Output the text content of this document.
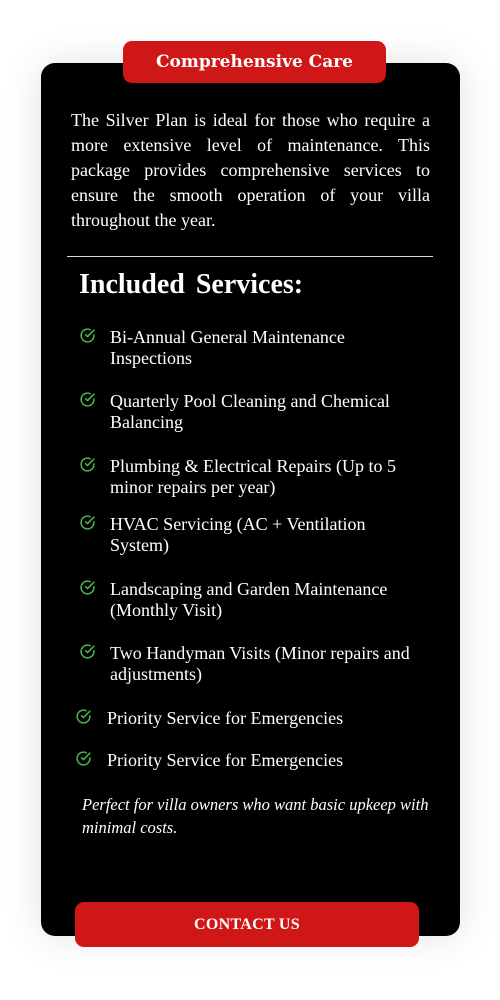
Comprehensive Care

The Silver Plan is ideal for those who require a more extensive level of maintenance. This package provides comprehensive services to ensure the smooth operation of your villa throughout the year.

Included Services:
Bi-Annual General Maintenance Inspections
Quarterly Pool Cleaning and Chemical Balancing
Plumbing & Electrical Repairs (Up to 5 minor repairs per year)
HVAC Servicing (AC + Ventilation System)
Landscaping and Garden Maintenance (Monthly Visit)
Two Handyman Visits (Minor repairs and adjustments)
Priority Service for Emergencies
Priority Service for Emergencies

Perfect for villa owners who want basic upkeep with minimal costs.

CONTACT US
